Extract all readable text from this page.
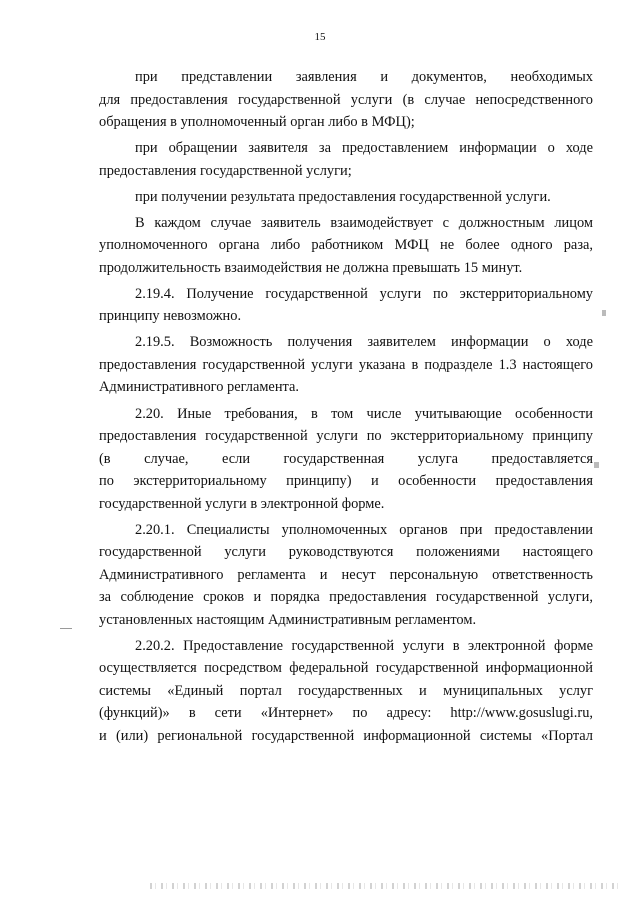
15

при представлении заявления и документов, необходимых
для предоставления государственной услуги (в случае непосредственного
обращения в уполномоченный орган либо в МФЦ);

при обращении заявителя за предоставлением информации о ходе
предоставления государственной услуги;

при получении результата предоставления государственной услуги.

В каждом случае заявитель взаимодействует с должностным лицом
уполномоченного органа либо работником МФЦ не более одного раза,
продолжительность взаимодействия не должна превышать 15 минут.

2.19.4. Получение государственной услуги по экстерриториальному
принципу невозможно.

2.19.5. Возможность получения заявителем информации о ходе
предоставления государственной услуги указана в подразделе 1.3 настоящего
Административного регламента.

2.20. Иные требования, в том числе учитывающие особенности
предоставления государственной услуги по экстерриториальному принципу
(в случае, если государственная услуга предоставляется
по экстерриториальному принципу) и особенности предоставления
государственной услуги в электронной форме.

2.20.1. Специалисты уполномоченных органов при предоставлении
государственной услуги руководствуются положениями настоящего
Административного регламента и несут персональную ответственность
за соблюдение сроков и порядка предоставления государственной услуги,
установленных настоящим Административным регламентом.

2.20.2. Предоставление государственной услуги в электронной форме
осуществляется посредством федеральной государственной информационной
системы «Единый портал государственных и муниципальных услуг
(функций)» в сети «Интернет» по адресу: http://www.gosuslugi.ru,
и (или) региональной государственной информационной системы «Портал
